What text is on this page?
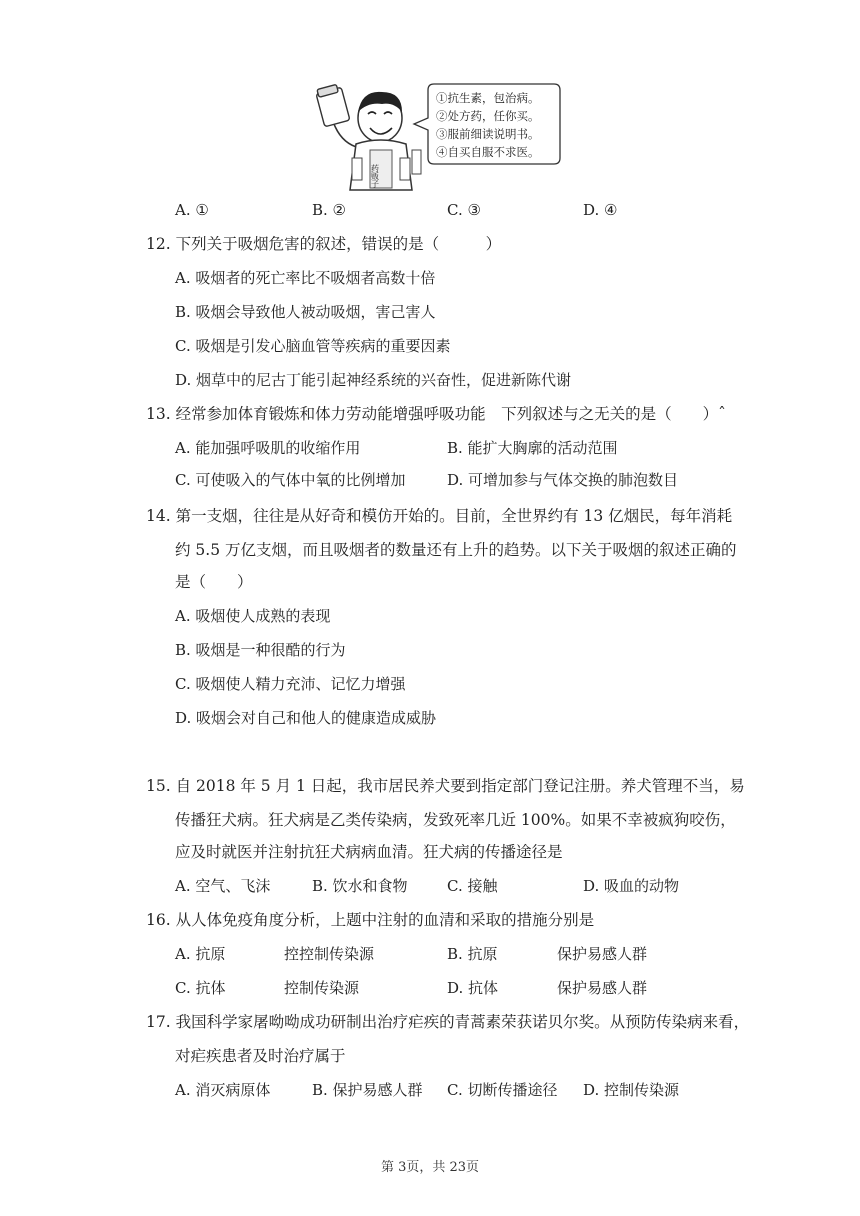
①抗生素，包治病。
②处方药，任你买。
③服前细读说明书。
④自买自服不求医。
药贩子
A. ①	B. ②	C. ③	D. ④
12. 下列关于吸烟危害的叙述，错误的是（　　　）
A. 吸烟者的死亡率比不吸烟者高数十倍
B. 吸烟会导致他人被动吸烟，害己害人
C. 吸烟是引发心脑血管等疾病的重要因素
D. 烟草中的尼古丁能引起神经系统的兴奋性，促进新陈代谢
13. 经常参加体育锻炼和体力劳动能增强呼吸功能　下列叙述与之无关的是（　　）ˆ
A. 能加强呼吸肌的收缩作用	B. 能扩大胸廓的活动范围
C. 可使吸入的气体中氧的比例增加	D. 可增加参与气体交换的肺泡数目
14. 第一支烟，往往是从好奇和模仿开始的。目前，全世界约有 13 亿烟民，每年消耗
约 5.5 万亿支烟，而且吸烟者的数量还有上升的趋势。以下关于吸烟的叙述正确的
是（　　）
A. 吸烟使人成熟的表现
B. 吸烟是一种很酷的行为
C. 吸烟使人精力充沛、记忆力增强
D. 吸烟会对自己和他人的健康造成威胁
15. 自 2018 年 5 月 1 日起，我市居民养犬要到指定部门登记注册。养犬管理不当，易
传播狂犬病。狂犬病是乙类传染病，发致死率几近 100%。如果不幸被疯狗咬伤，
应及时就医并注射抗狂犬病病血清。狂犬病的传播途径是
A. 空气、飞沫	B. 饮水和食物	C. 接触	D. 吸血的动物
16. 从人体免疫角度分析，上题中注射的血清和采取的措施分别是
A. 抗原	控控制传染源	B. 抗原	保护易感人群
C. 抗体	控制传染源	D. 抗体	保护易感人群
17. 我国科学家屠呦呦成功研制出治疗疟疾的青蒿素荣获诺贝尔奖。从预防传染病来看，
对疟疾患者及时治疗属于
A. 消灭病原体	B. 保护易感人群 C. 切断传播途径 D. 控制传染源
第 3页，共 23页
